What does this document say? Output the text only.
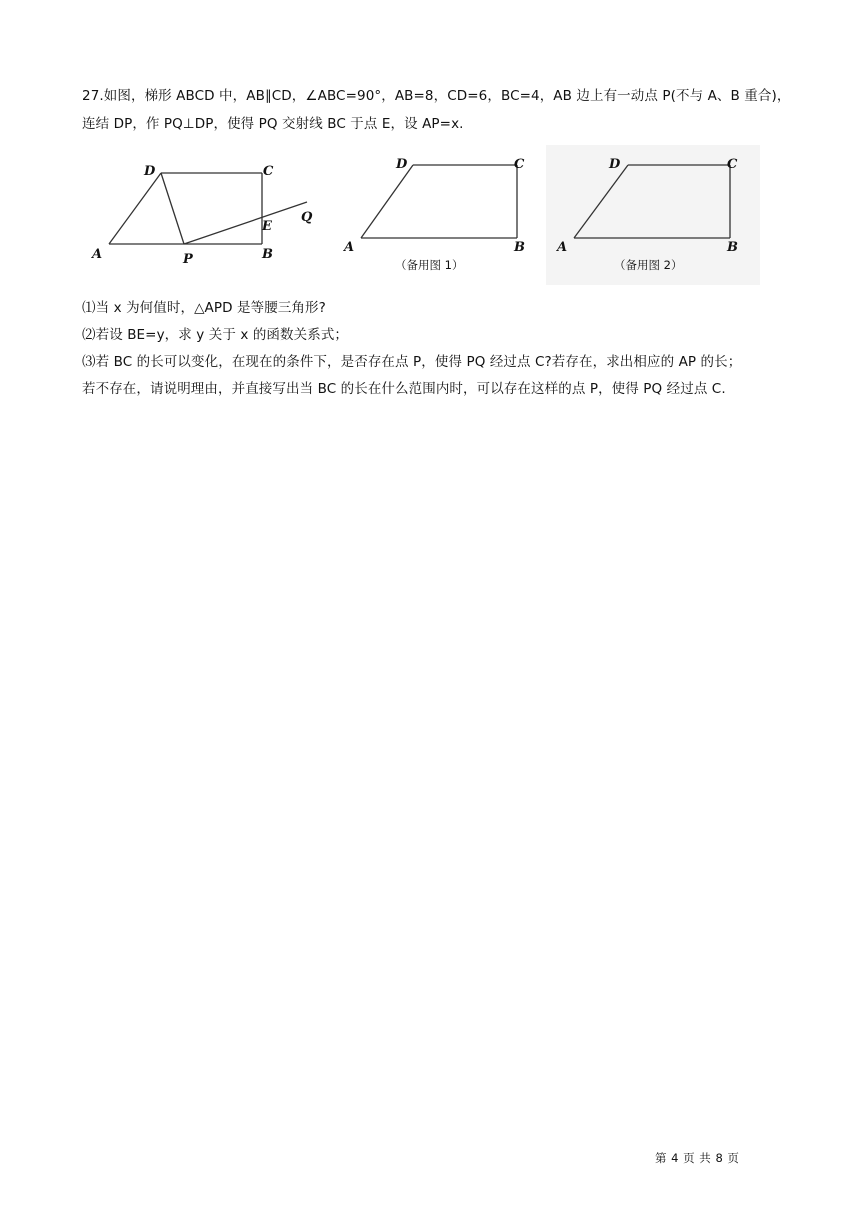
27.如图，梯形 ABCD 中，AB∥CD，∠ABC=90°，AB=8，CD=6，BC=4，AB 边上有一动点 P(不与 A、B 重合)，
连结 DP，作 PQ⊥DP，使得 PQ 交射线 BC 于点 E，设 AP=x.
D	C
A	B
P
E
Q
D	C
A	B
（备用图 1）
D	C
A	B
（备用图 2）
⑴当 x 为何值时，△APD 是等腰三角形?
⑵若设 BE=y，求 y 关于 x 的函数关系式；
⑶若 BC 的长可以变化，在现在的条件下，是否存在点 P，使得 PQ 经过点 C?若存在，求出相应的 AP 的长；
若不存在，请说明理由，并直接写出当 BC 的长在什么范围内时，可以存在这样的点 P，使得 PQ 经过点 C.
第 4 页 共 8 页
